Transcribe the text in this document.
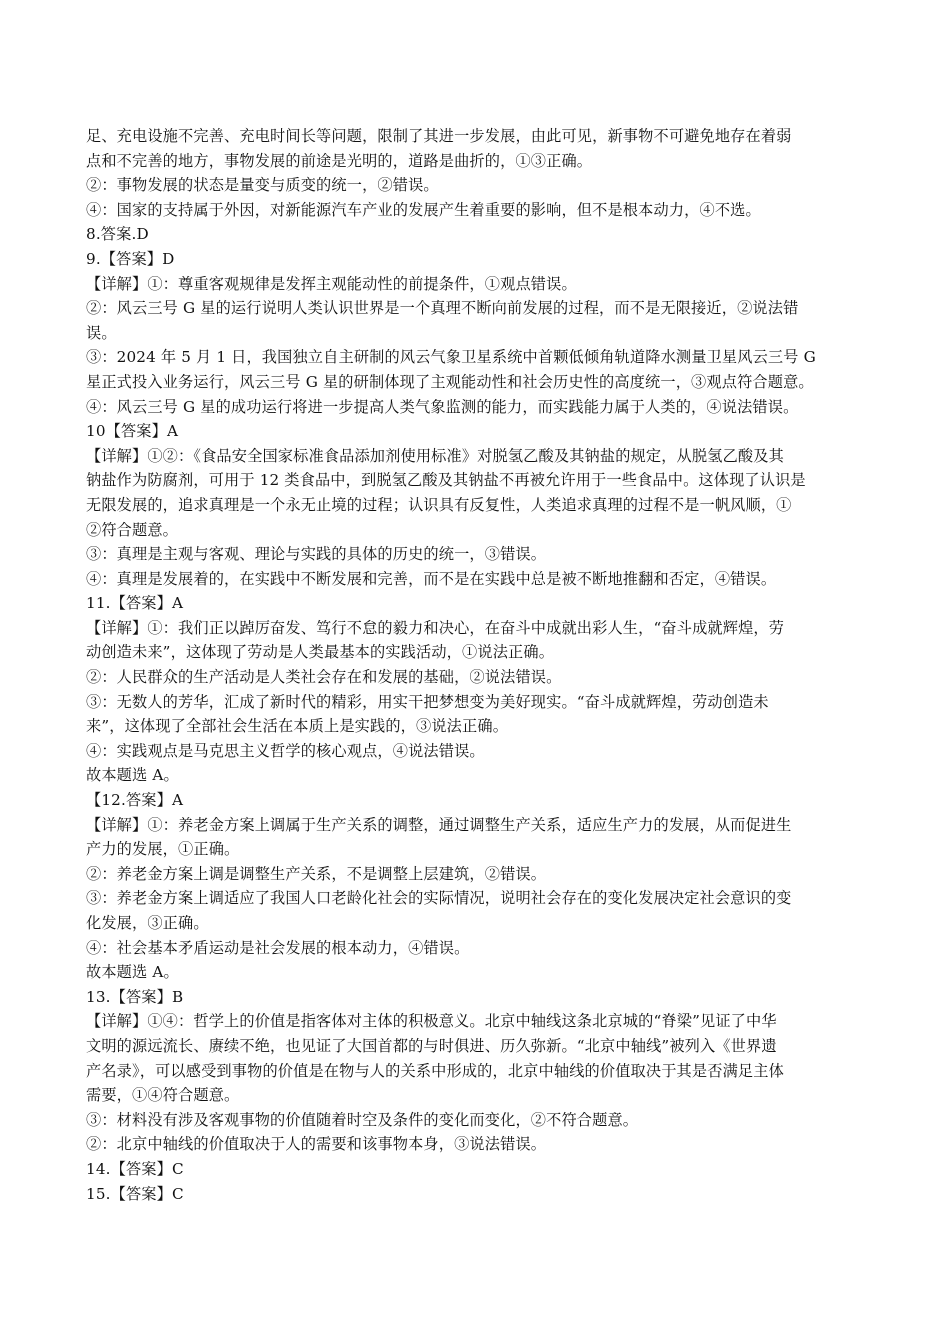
足、充电设施不完善、充电时间长等问题，限制了其进一步发展，由此可见，新事物不可避免地存在着弱
点和不完善的地方，事物发展的前途是光明的，道路是曲折的，①③正确。
②：事物发展的状态是量变与质变的统一，②错误。
④：国家的支持属于外因，对新能源汽车产业的发展产生着重要的影响，但不是根本动力，④不选。
8.答案.D
9.【答案】D
【详解】①：尊重客观规律是发挥主观能动性的前提条件，①观点错误。
②：风云三号 G 星的运行说明人类认识世界是一个真理不断向前发展的过程，而不是无限接近，②说法错
误。
③：2024 年 5 月 1 日，我国独立自主研制的风云气象卫星系统中首颗低倾角轨道降水测量卫星风云三号 G
星正式投入业务运行，风云三号 G 星的研制体现了主观能动性和社会历史性的高度统一，③观点符合题意。
④：风云三号 G 星的成功运行将进一步提高人类气象监测的能力，而实践能力属于人类的，④说法错误。
10【答案】A
【详解】①②：《食品安全国家标准食品添加剂使用标准》对脱氢乙酸及其钠盐的规定，从脱氢乙酸及其
钠盐作为防腐剂，可用于 12 类食品中，到脱氢乙酸及其钠盐不再被允许用于一些食品中。这体现了认识是
无限发展的，追求真理是一个永无止境的过程；认识具有反复性，人类追求真理的过程不是一帆风顺，①
②符合题意。
③：真理是主观与客观、理论与实践的具体的历史的统一，③错误。
④：真理是发展着的，在实践中不断发展和完善，而不是在实践中总是被不断地推翻和否定，④错误。
11.【答案】A
【详解】①：我们正以踔厉奋发、笃行不怠的毅力和决心，在奋斗中成就出彩人生，“奋斗成就辉煌，劳
动创造未来”，这体现了劳动是人类最基本的实践活动，①说法正确。
②：人民群众的生产活动是人类社会存在和发展的基础，②说法错误。
③：无数人的芳华，汇成了新时代的精彩，用实干把梦想变为美好现实。“奋斗成就辉煌，劳动创造未
来”，这体现了全部社会生活在本质上是实践的，③说法正确。
④：实践观点是马克思主义哲学的核心观点，④说法错误。
故本题选 A。
【12.答案】A
【详解】①：养老金方案上调属于生产关系的调整，通过调整生产关系，适应生产力的发展，从而促进生
产力的发展，①正确。
②：养老金方案上调是调整生产关系，不是调整上层建筑，②错误。
③：养老金方案上调适应了我国人口老龄化社会的实际情况，说明社会存在的变化发展决定社会意识的变
化发展，③正确。
④：社会基本矛盾运动是社会发展的根本动力，④错误。
故本题选 A。
13.【答案】B
【详解】①④：哲学上的价值是指客体对主体的积极意义。北京中轴线这条北京城的“脊梁”见证了中华
文明的源远流长、赓续不绝，也见证了大国首都的与时俱进、历久弥新。“北京中轴线”被列入《世界遗
产名录》，可以感受到事物的价值是在物与人的关系中形成的，北京中轴线的价值取决于其是否满足主体
需要，①④符合题意。
③：材料没有涉及客观事物的价值随着时空及条件的变化而变化，②不符合题意。
②：北京中轴线的价值取决于人的需要和该事物本身，③说法错误。
14.【答案】C
15.【答案】C
